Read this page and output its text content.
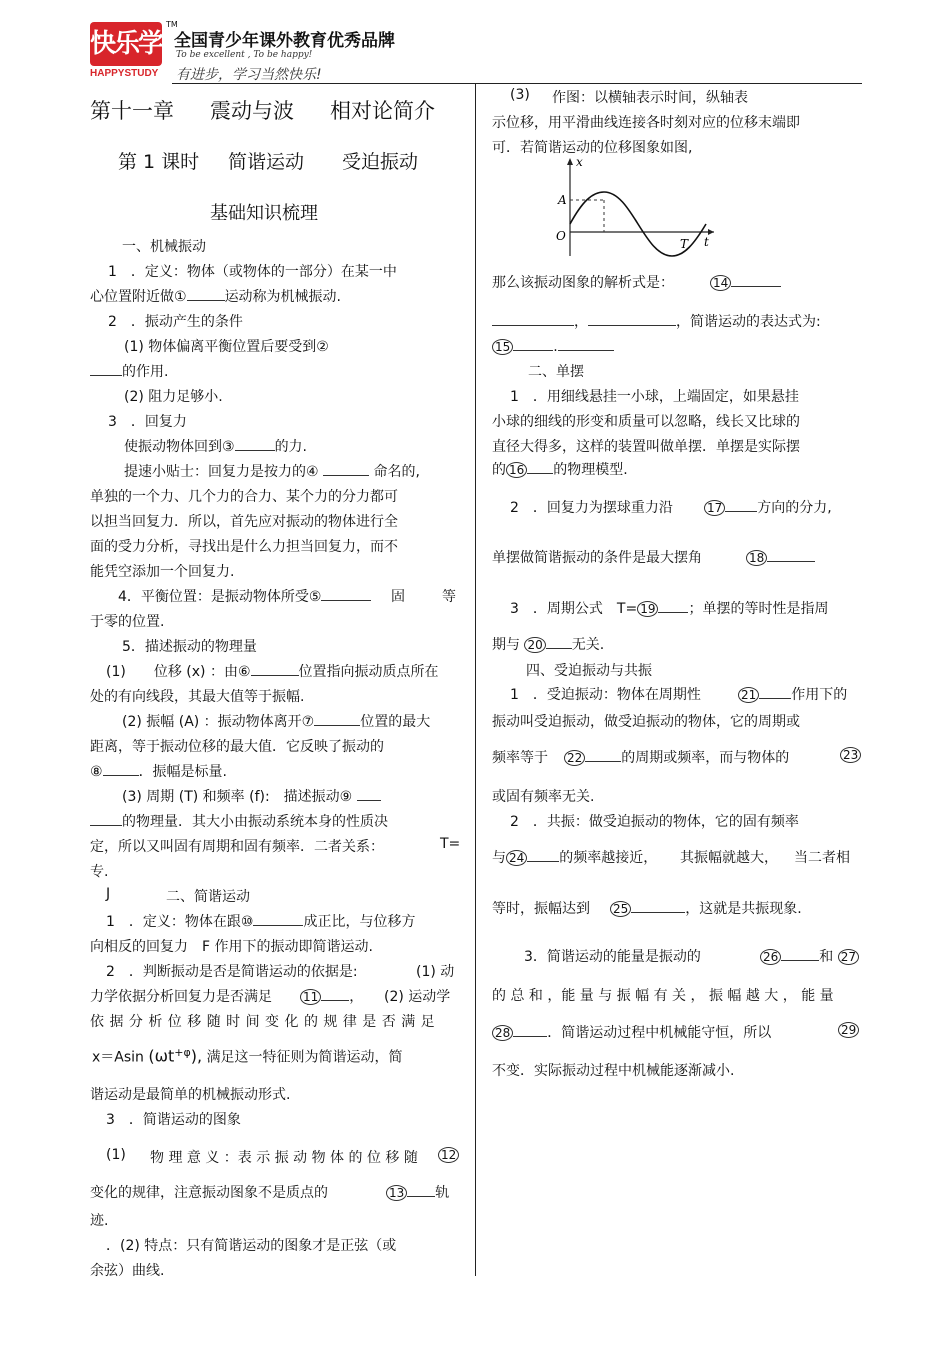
快乐学习
HAPPYSTUDY
TM
全国青少年课外教育优秀品牌
To be excellent , To be happy!
有进步，学习当然快乐!
第十一章 震动与波 相对论简介
第 1 课时 简谐运动 受迫振动
基础知识梳理
一、机械振动
1　．定义：物体（或物体的一部分）在某一中
心位置附近做①	运动称为机械振动.
2　．振动产生的条件
(1) 物体偏离平衡位置后要受到②
的作用.
(2) 阻力足够小.
3　．回复力
使振动物体回到③	的力.
提速小贴士：回复力是按力的④	命名的,
单独的一个力、几个力的合力、某个力的分力都可
以担当回复力．所以，首先应对振动的物体进行全
面的受力分析，寻找出是什么力担当回复力，而不
能凭空添加一个回复力.
4．平衡位置：是振动物体所受⑤	固	等
于零的位置.
5．描述振动的物理量
(1)　　位移 (x) ：由⑥	位置指向振动质点所在
处的有向线段，其最大值等于振幅.
(2) 振幅 (A) ：振动物体离开⑦	位置的最大
距离，等于振动位移的最大值．它反映了振动的
⑧	．振幅是标量.
(3) 周期 (T) 和频率 (f):　描述振动⑨
的物理量．其大小由振动系统本身的性质决
定，所以又叫固有周期和固有频率．二者关系：	T=
专.
J	二、简谐运动
1　．定义：物体在跟⑩	成正比，与位移方
向相反的回复力　F 作用下的振动即简谐运动.
2　．判断振动是否是简谐运动的依据是:	(1) 动
力学依据分析回复力是否满足　　	11 ， (2) 运动学
依 据 分 析 位 移 随 时 间 变 化 的 规 律 是 否 满 足
x＝Asin $(\omega t^{+\varphi})$, 满足这一特征则为简谐运动，简
谐运动是最简单的机械振动形式.
3　．简谐运动的图象
(1) 物 理 意 义 ：表 示 振 动 物 体 的 位 移 随 12
变化的规律，注意振动图象不是质点的	13 轨
迹.
．(2) 特点：只有简谐运动的图象才是正弦（或
余弦）曲线.
(3) 作图：以横轴表示时间，纵轴表
示位移，用平滑曲线连接各时刻对应的位移末端即
可．若简谐运动的位移图象如图,
x
A
O
T t
那么该振动图象的解析式是：	14
，	，简谐运动的表达式为:
15	.
二、单摆
1　．用细线悬挂一小球，上端固定，如果悬挂
小球的细线的形变和质量可以忽略，线长又比球的
直径大得多，这样的装置叫做单摆．单摆是实际摆
的 16 的物理模型.
2　．回复力为摆球重力沿	17	方向的分力,
单摆做简谐振动的条件是最大摆角	18
3　．周期公式　T= 19 ；单摆的等时性是指周
期与 20 无关.
四、受迫振动与共振
1　．受迫振动：物体在周期性	21	作用下的
振动叫受迫振动，做受迫振动的物体，它的周期或
频率等于 22	的周期或频率，而与物体的	23
或固有频率无关.
2　．共振：做受迫振动的物体，它的固有频率
与 24	的频率越接近， 其振幅就越大， 当二者相
等时，振幅达到 25	，这就是共振现象.
3．简谐运动的能量是振动的	26	和 27
的 总 和 ，能 量 与 振 幅 有 关 ， 振 幅 越 大 ， 能 量
28	．简谐运动过程中机械能守恒，所以	29
不变．实际振动过程中机械能逐渐减小.
